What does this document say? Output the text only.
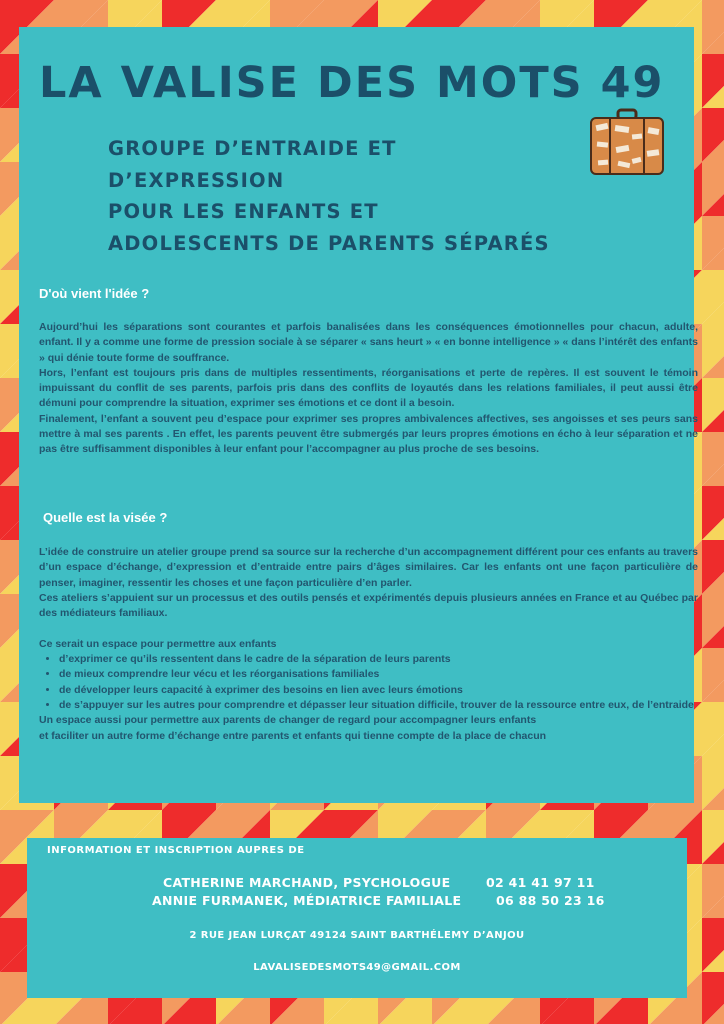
LA VALISE DES MOTS 49
GROUPE D’ENTRAIDE ET
D’EXPRESSION
POUR LES ENFANTS ET
ADOLESCENTS DE PARENTS SÉPARÉS
D'où vient l'idée ?

Aujourd’hui les séparations sont courantes et parfois banalisées dans les conséquences émotionnelles pour chacun, adulte, enfant. Il y a comme une forme de pression sociale à se séparer « sans heurt » « en bonne intelligence » « dans l’intérêt des enfants » qui dénie toute forme de souffrance.

Hors, l’enfant est toujours pris dans de multiples ressentiments, réorganisations et perte de repères. Il est souvent le témoin impuissant du conflit de ses parents, parfois pris dans des conflits de loyautés dans les relations familiales, il peut aussi être démuni pour comprendre la situation, exprimer ses émotions et ce dont il a besoin.

Finalement, l’enfant a souvent peu d’espace pour exprimer ses propres ambivalences affectives, ses angoisses et ses peurs sans mettre à mal ses parents . En effet, les parents peuvent être submergés par leurs propres émotions en écho à leur séparation et ne pas être suffisamment disponibles à leur enfant pour l’accompagner au plus proche de ses besoins.

Quelle est la visée ?

L’idée de construire un atelier groupe prend sa source sur la recherche d’un accompagnement différent pour ces enfants au travers d’un espace d’échange, d’expression et d’entraide entre pairs d’âges similaires. Car les enfants ont une façon particulière de penser, imaginer, ressentir les choses et une façon particulière d’en parler.

Ces ateliers s’appuient sur un processus et des outils pensés et expérimentés depuis plusieurs années en France et au Québec par des médiateurs familiaux.

Ce serait un espace pour permettre aux enfants

• d’exprimer ce qu’ils ressentent dans le cadre de la séparation de leurs parents
• de mieux comprendre leur vécu et les réorganisations familiales
• de développer leurs capacité à exprimer des besoins en lien avec leurs émotions
• de s’appuyer sur les autres pour comprendre et dépasser leur situation difficile, trouver de la ressource entre eux, de l’entraide

Un espace aussi pour permettre aux parents de changer de regard pour accompagner leurs enfants

et faciliter un autre forme d’échange entre parents et enfants qui tienne compte de la place de chacun

INFORMATION ET INSCRIPTION AUPRES DE
CATHERINE MARCHAND, PSYCHOLOGUE	02 41 41 97 11
ANNIE FURMANEK, MÉDIATRICE FAMILIALE	06 88 50 23 16
2 RUE JEAN LURÇAT 49124 SAINT BARTHÉLEMY D’ANJOU
LAVALISEDESMOTS49@GMAIL.COM
